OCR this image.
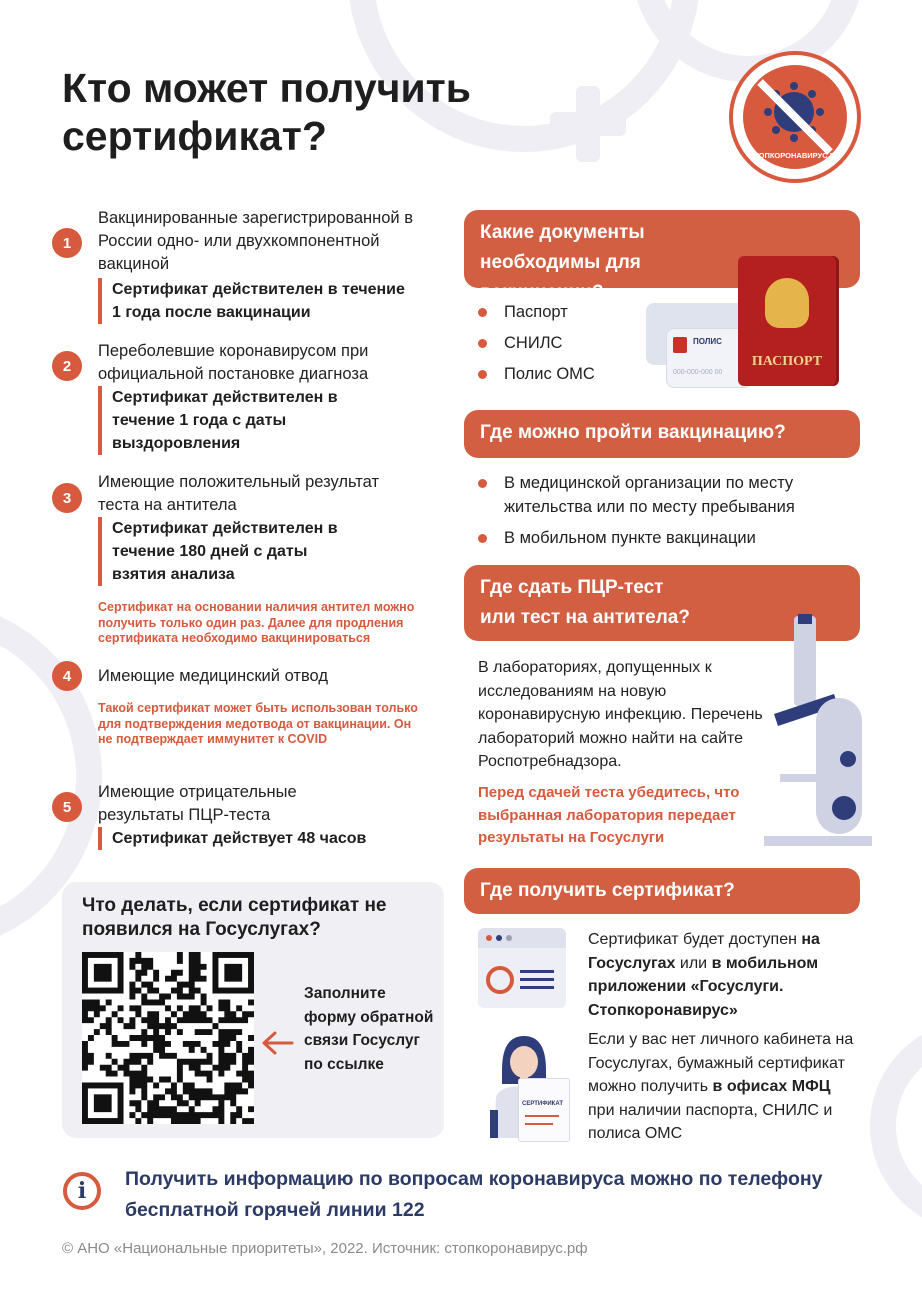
Кто может получить сертификат?	СТОПКОРОНАВИРУС.РФ
1
Вакцинированные зарегистрированной в России одно- или двухкомпонентной вакциной
Сертификат действителен в течение 1 года после вакцинации
2
Переболевшие коронавирусом при официальной постановке диагноза
Сертификат действителен в течение 1 года с даты выздоровления
3
Имеющие положительный результат теста на антитела
Сертификат действителен в течение 180 дней с даты взятия анализа
Сертификат на основании наличия антител можно получить только один раз. Далее для продления сертификата необходимо вакцинироваться
4	Имеющие медицинский отвод
Такой сертификат может быть использован только для подтверждения медотвода от вакцинации. Он не подтверждает иммунитет к COVID
5
Имеющие отрицательные результаты ПЦР-теста
Сертификат действует 48 часов
Какие документы необходимы для вакцинации?
Паспорт
СНИЛС
Полис ОМС
ПОЛИС
000-000-000 00
ПАСПОРТ
Где можно пройти вакцинацию?
В медицинской организации по месту жительства или по месту пребывания
В мобильном пункте вакцинации
Где сдать ПЦР-тест или тест на антитела?
В лабораториях, допущенных к исследованиям на новую коронавирусную инфекцию. Перечень лабораторий можно найти на сайте Роспотребнадзора.
Перед сдачей теста убедитесь, что выбранная лаборатория передает результаты на Госуслуги
Где получить сертификат?
Сертификат будет доступен на Госуслугах или в мобильном приложении «Госуслуги. Стопкоронавирус»
СЕРТИФИКАТ
Если у вас нет личного кабинета на Госуслугах, бумажный сертификат можно получить в офисах МФЦ при наличии паспорта, СНИЛС и полиса ОМС
Что делать, если сертификат не появился на Госуслугах?
Заполните форму обратной связи Госуслуг по ссылке
i Получить информацию по вопросам коронавируса можно по телефону бесплатной горячей линии 122
© АНО «Национальные приоритеты», 2022. Источник: стопкоронавирус.рф
